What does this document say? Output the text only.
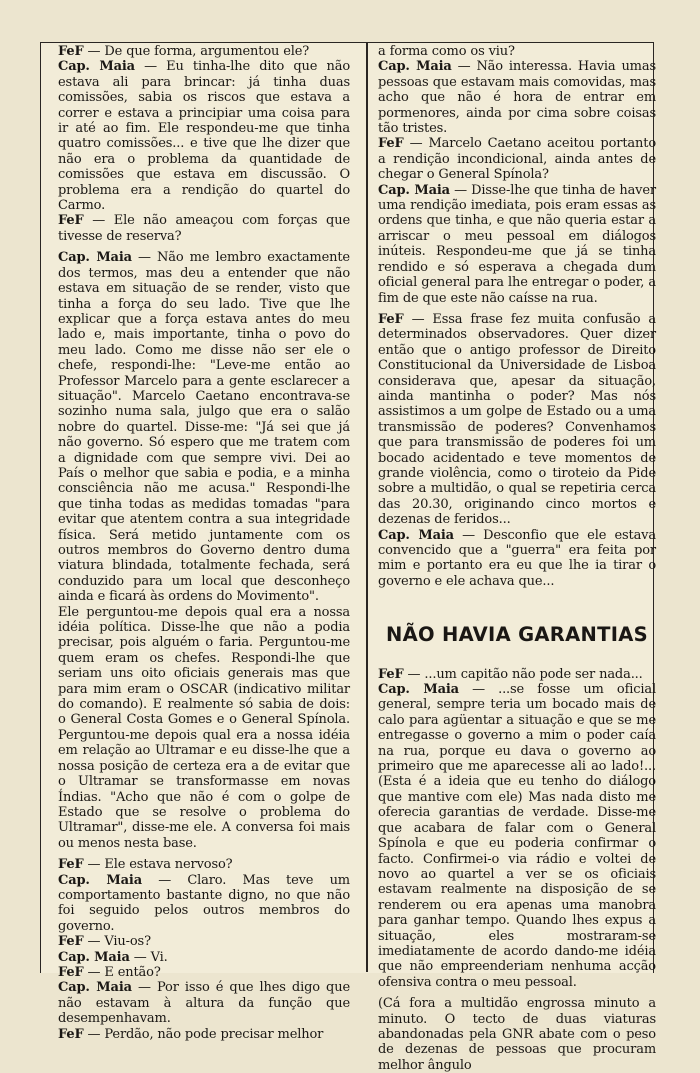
FeF — De que forma, argumentou ele?

Cap. Maia — Eu tinha-lhe dito que não estava ali para brincar: já tinha duas comissões, sabia os riscos que estava a correr e estava a principiar uma coisa para ir até ao fim. Ele respondeu-me que tinha quatro comissões... e tive que lhe dizer que não era o problema da quantidade de comissões que estava em discussão. O problema era a rendição do quartel do Carmo.

FeF — Ele não ameaçou com forças que tivesse de reserva?

Cap. Maia — Não me lembro exactamente dos termos, mas deu a entender que não estava em situação de se render, visto que tinha a força do seu lado. Tive que lhe explicar que a força estava antes do meu lado e, mais importante, tinha o povo do meu lado. Como me disse não ser ele o chefe, respondi-lhe: "Leve-me então ao Professor Marcelo para a gente esclarecer a situação". Marcelo Caetano encontrava-se sozinho numa sala, julgo que era o salão nobre do quartel. Disse-me: "Já sei que já não governo. Só espero que me tratem com a dignidade com que sempre vivi. Dei ao País o melhor que sabia e podia, e a minha consciência não me acusa." Respondi-lhe que tinha todas as medidas tomadas "para evitar que atentem contra a sua integridade física. Será metido juntamente com os outros membros do Governo dentro duma viatura blindada, totalmente fechada, será conduzido para um local que desconheço ainda e ficará às ordens do Movimento".

Ele perguntou-me depois qual era a nossa idéia política. Disse-lhe que não a podia precisar, pois alguém o faria. Perguntou-me quem eram os chefes. Respondi-lhe que seriam uns oito oficiais generais mas que para mim eram o OSCAR (indicativo militar do comando). E realmente só sabia de dois: o General Costa Gomes e o General Spínola. Perguntou-me depois qual era a nossa idéia em relação ao Ultramar e eu disse-lhe que a nossa posição de certeza era a de evitar que o Ultramar se transformasse em novas Índias. "Acho que não é com o golpe de Estado que se resolve o problema do Ultramar", disse-me ele. A conversa foi mais ou menos nesta base.

FeF — Ele estava nervoso?

Cap. Maia — Claro. Mas teve um comportamento bastante digno, no que não foi seguido pelos outros membros do governo.

FeF — Viu-os?

Cap. Maia — Vi.

FeF — E então?

Cap. Maia — Por isso é que lhes digo que não estavam à altura da função que desempenhavam.

FeF — Perdão, não pode precisar melhor

a forma como os viu?

Cap. Maia — Não interessa. Havia umas pessoas que estavam mais comovidas, mas acho que não é hora de entrar em pormenores, ainda por cima sobre coisas tão tristes.

FeF — Marcelo Caetano aceitou portanto a rendição incondicional, ainda antes de chegar o General Spínola?

Cap. Maia — Disse-lhe que tinha de haver uma rendição imediata, pois eram essas as ordens que tinha, e que não queria estar a arriscar o meu pessoal em diálogos inúteis. Respondeu-me que já se tinha rendido e só esperava a chegada dum oficial general para lhe entregar o poder, a fim de que este não caísse na rua.

FeF — Essa frase fez muita confusão a determinados observadores. Quer dizer então que o antigo professor de Direito Constitucional da Universidade de Lisboa considerava que, apesar da situação, ainda mantinha o poder? Mas nós assistimos a um golpe de Estado ou a uma transmissão de poderes? Convenhamos que para transmissão de poderes foi um bocado acidentado e teve momentos de grande violência, como o tiroteio da Pide sobre a multidão, o qual se repetiria cerca das 20.30, originando cinco mortos e dezenas de feridos...

Cap. Maia — Desconfio que ele estava convencido que a "guerra" era feita por mim e portanto era eu que lhe ia tirar o governo e ele achava que...

NÃO HAVIA GARANTIAS

FeF — ...um capitão não pode ser nada...

Cap. Maia — ...se fosse um oficial general, sempre teria um bocado mais de calo para agüentar a situação e que se me entregasse o governo a mim o poder caía na rua, porque eu dava o governo ao primeiro que me aparecesse ali ao lado!... (Esta é a ideia que eu tenho do diálogo que mantive com ele) Mas nada disto me oferecia garantias de verdade. Disse-me que acabara de falar com o General Spínola e que eu poderia confirmar o facto. Confirmei-o via rádio e voltei de novo ao quartel a ver se os oficiais estavam realmente na disposição de se renderem ou era apenas uma manobra para ganhar tempo. Quando lhes expus a situação, eles mostraram-se imediatamente de acordo dando-me idéia que não empreenderiam nenhuma acção ofensiva contra o meu pessoal.

(Cá fora a multidão engrossa minuto a minuto. O tecto de duas viaturas abandonadas pela GNR abate com o peso de dezenas de pessoas que procuram melhor ângulo
